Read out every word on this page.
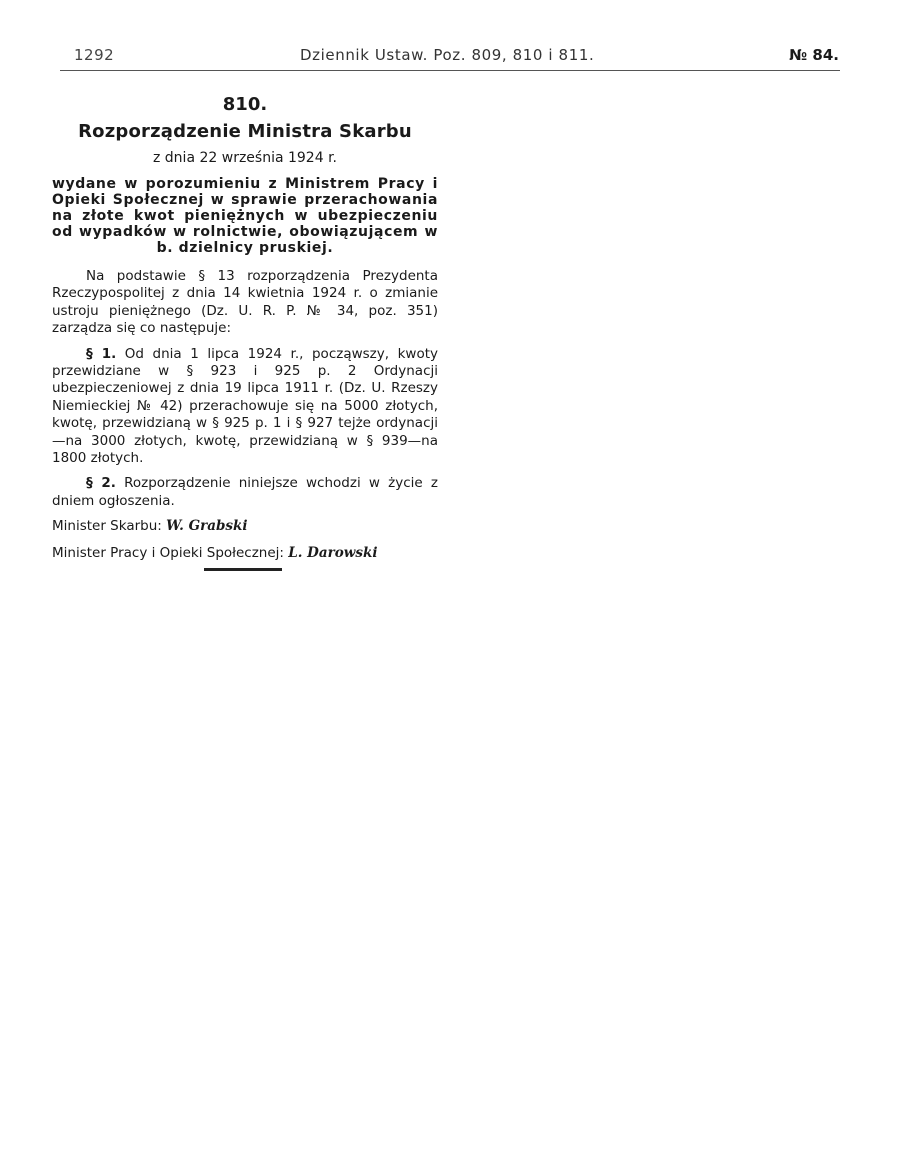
1292	Dziennik Ustaw. Poz. 809, 810 i 811.	№ 84.
810.
Rozporządzenie Ministra Skarbu
z dnia 22 września 1924 r.
wydane w porozumieniu z Ministrem Pracy i Opieki Społecznej w sprawie przerachowania na złote kwot pieniężnych w ubezpieczeniu od wypadków w rolnictwie, obowiązującem w b. dzielnicy pruskiej.

Na podstawie § 13 rozporządzenia Prezydenta Rzeczypospolitej z dnia 14 kwietnia 1924 r. o zmianie ustroju pieniężnego (Dz. U. R. P. № 34, poz. 351) zarządza się co następuje:

§ 1. Od dnia 1 lipca 1924 r., począwszy, kwoty przewidziane w § 923 i 925 p. 2 Ordynacji ubezpieczeniowej z dnia 19 lipca 1911 r. (Dz. U. Rzeszy Niemieckiej № 42) przerachowuje się na 5000 złotych, kwotę, przewidzianą w § 925 p. 1 i § 927 tejże ordynacji—na 3000 złotych, kwotę, przewidzianą w § 939—na 1800 złotych.

§ 2. Rozporządzenie niniejsze wchodzi w życie z dniem ogłoszenia.

Minister Skarbu: W. Grabski
Minister Pracy i Opieki Społecznej: L. Darowski
